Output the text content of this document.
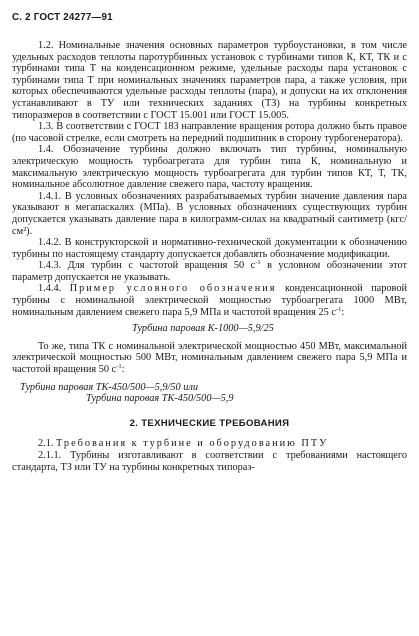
С. 2 ГОСТ 24277—91

1.2. Номинальные значения основных параметров турбоустановки, в том числе удельных расходов теплоты паротурбинных установок с турбинами типов К, КТ, ТК и с турбинами типа Т на конденсационном режиме, удельные расходы пара установок с турбинами типа Т при номинальных значениях параметров пара, а также условия, при которых обеспечиваются удельные расходы теплоты (пара), и допуски на их отклонения устанавливают в ТУ или технических заданиях (ТЗ) на турбины конкретных типоразмеров в соответствии с ГОСТ 15.001 или ГОСТ 15.005.

1.3. В соответствии с ГОСТ 183 направление вращения ротора должно быть правое (по часовой стрелке, если смотреть на передний подшипник в сторону турбогенератора).

1.4. Обозначение турбины должно включать тип турбины, номинальную электрическую мощность турбоагрегата для турбин типа К, номинальную и максимальную электрическую мощность турбоагрегата для турбин типов КТ, Т, ТК, номинальное абсолютное давление свежего пара, частоту вращения.

1.4.1. В условных обозначениях разрабатываемых турбин значение давления пара указывают в мегапаскалях (МПа). В условных обозначениях существующих турбин допускается указывать давление пара в килограмм-силах на квадратный сантиметр (кгс/см²).

1.4.2. В конструкторской и нормативно-технической документации к обозначению турбины по настоящему стандарту допускается добавлять обозначение модификации.

1.4.3. Для турбин с частотой вращения 50 $с^{-1}$ в условном обозначении этот параметр допускается не указывать.

1.4.4. Пример условного обозначения конденсационной паровой турбины с номинальной электрической мощностью турбоагрегата 1000 МВт, номинальным давлением свежего пара 5,9 МПа и частотой вращения 25 $с^{-1}$:

Турбина паровая К-1000—5,9/25

То же, типа ТК с номинальной электрической мощностью 450 МВт, максимальной электрической мощностью 500 МВт, номинальным давлением свежего пара 5,9 МПа и частотой вращения 50 $с^{-1}$:

Турбина паровая ТК-450/500—5,9/50 или
Турбина паровая ТК-450/500—5,9
2. ТЕХНИЧЕСКИЕ ТРЕБОВАНИЯ

2.1. Требования к турбине и оборудованию ПТУ

2.1.1. Турбины изготавливают в соответствии с требованиями настоящего стандарта, ТЗ или ТУ на турбины конкретных типораз-
